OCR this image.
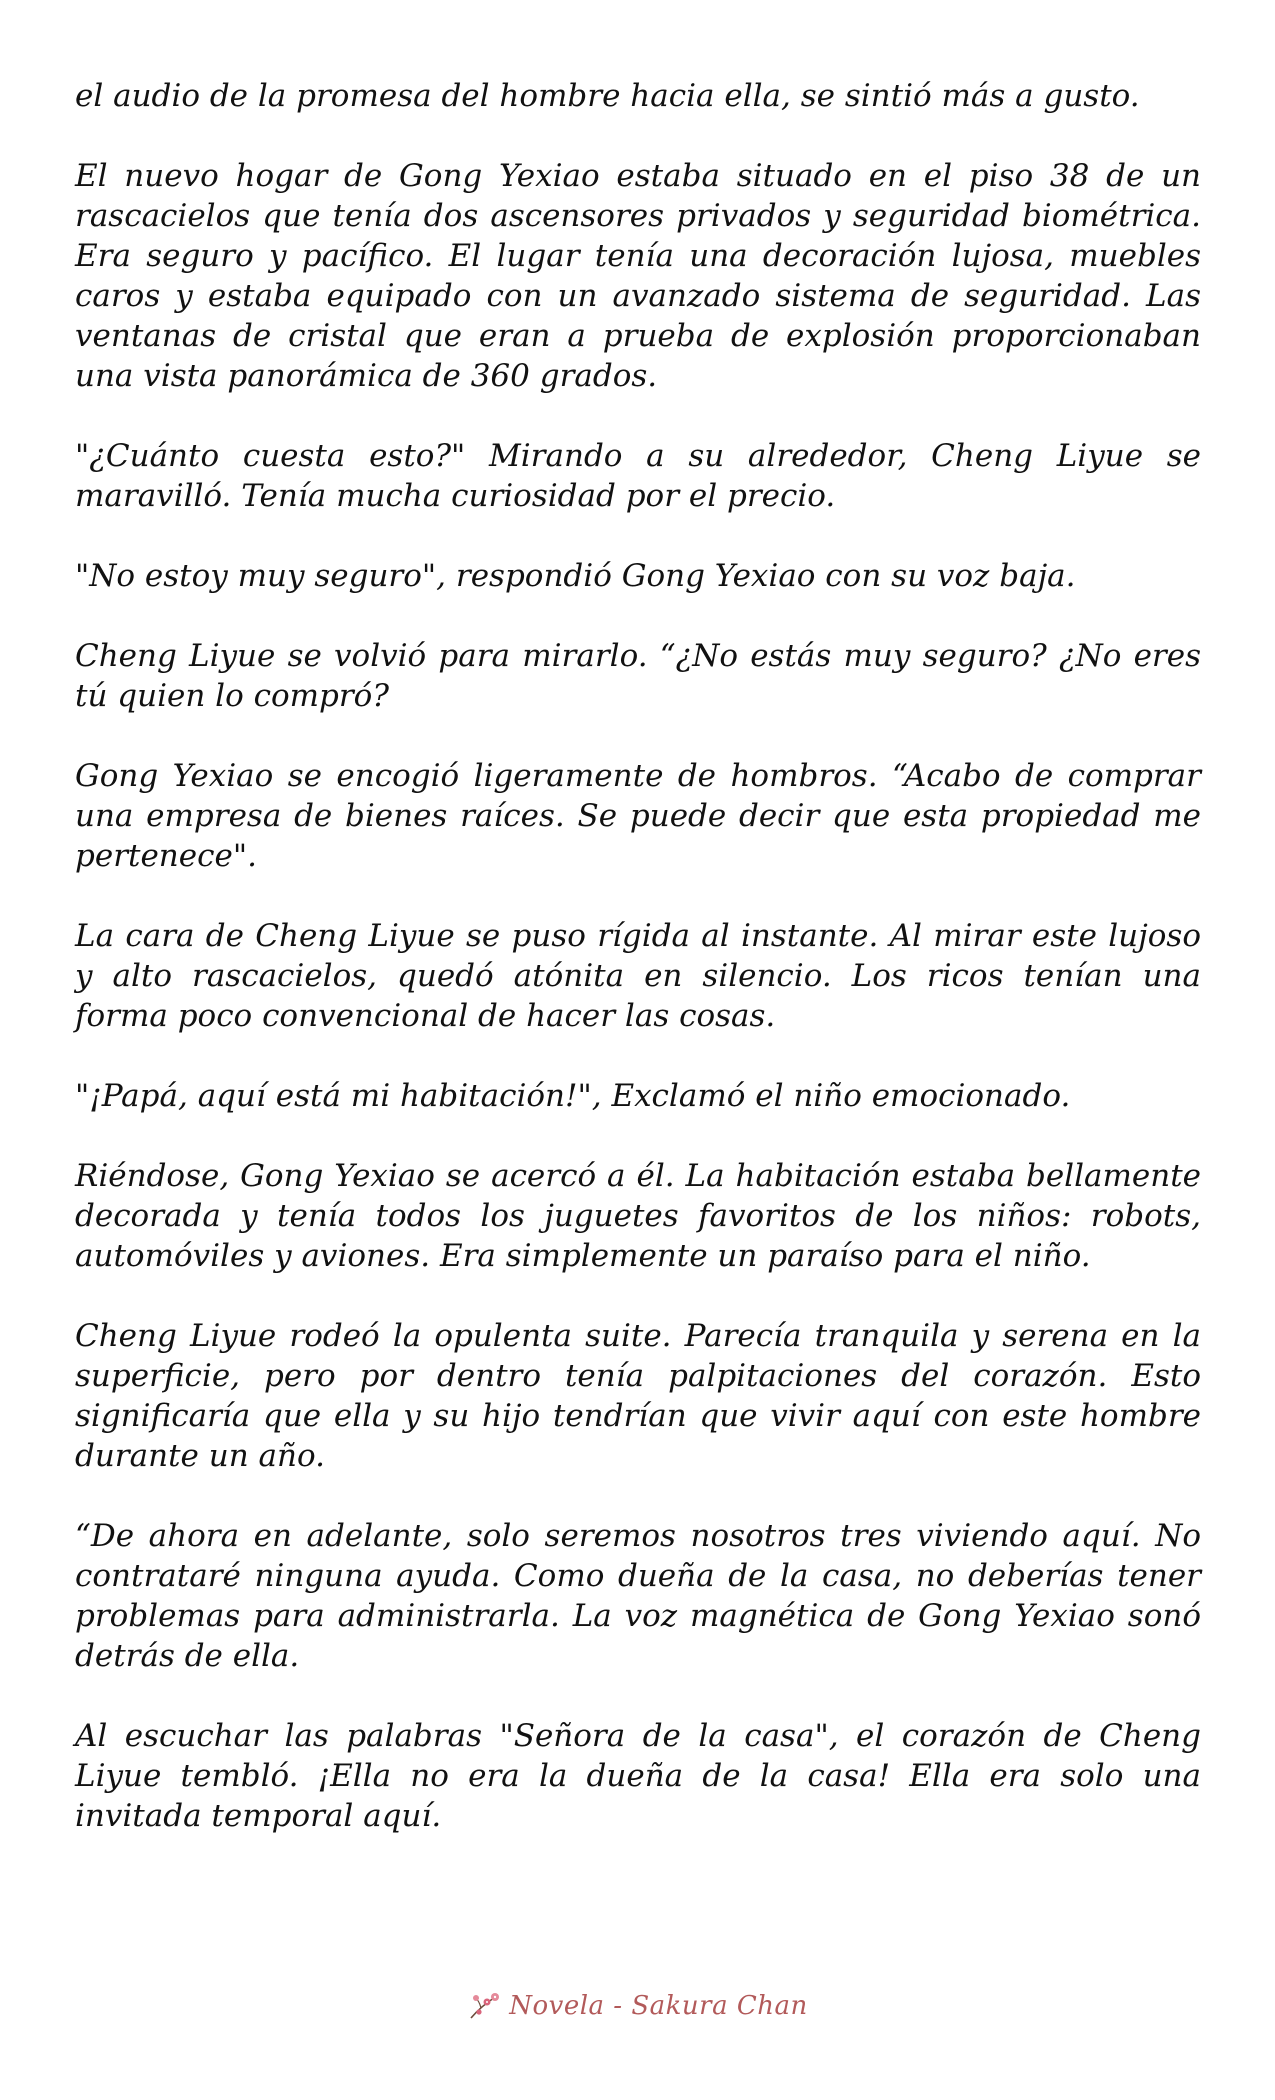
el audio de la promesa del hombre hacia ella, se sintió más a gusto.

El nuevo hogar de Gong Yexiao estaba situado en el piso 38 de un rascacielos que tenía dos ascensores privados y seguridad biométrica. Era seguro y pacífico. El lugar tenía una decoración lujosa, muebles caros y estaba equipado con un avanzado sistema de seguridad. Las ventanas de cristal que eran a prueba de explosión proporcionaban una vista panorámica de 360 grados.

"¿Cuánto cuesta esto?" Mirando a su alrededor, Cheng Liyue se maravilló. Tenía mucha curiosidad por el precio.

"No estoy muy seguro", respondió Gong Yexiao con su voz baja.

Cheng Liyue se volvió para mirarlo. “¿No estás muy seguro? ¿No eres tú quien lo compró?

Gong Yexiao se encogió ligeramente de hombros. “Acabo de comprar una empresa de bienes raíces. Se puede decir que esta propiedad me pertenece".

La cara de Cheng Liyue se puso rígida al instante. Al mirar este lujoso y alto rascacielos, quedó atónita en silencio. Los ricos tenían una forma poco convencional de hacer las cosas.

"¡Papá, aquí está mi habitación!", Exclamó el niño emocionado.

Riéndose, Gong Yexiao se acercó a él. La habitación estaba bellamente decorada y tenía todos los juguetes favoritos de los niños: robots, automóviles y aviones. Era simplemente un paraíso para el niño.

Cheng Liyue rodeó la opulenta suite. Parecía tranquila y serena en la superficie, pero por dentro tenía palpitaciones del corazón. Esto significaría que ella y su hijo tendrían que vivir aquí con este hombre durante un año.

“De ahora en adelante, solo seremos nosotros tres viviendo aquí. No contrataré ninguna ayuda. Como dueña de la casa, no deberías tener problemas para administrarla. La voz magnética de Gong Yexiao sonó detrás de ella.

Al escuchar las palabras "Señora de la casa", el corazón de Cheng Liyue tembló. ¡Ella no era la dueña de la casa! Ella era solo una invitada temporal aquí.

Novela - Sakura Chan
